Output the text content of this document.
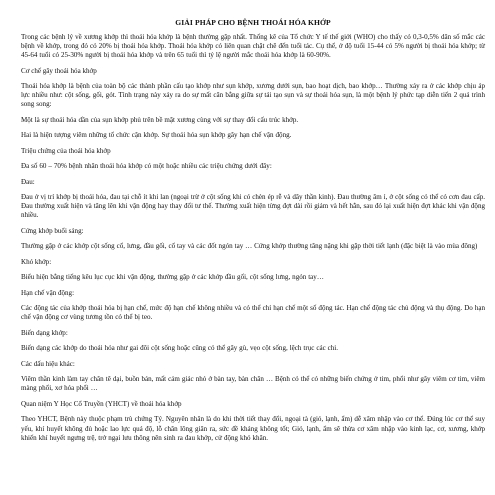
GIẢI PHÁP CHO BỆNH THOÁI HÓA KHỚP
Trong các bệnh lý về xương khớp thì thoái hóa khớp là bệnh thường gặp nhất. Thống kê của Tổ chức Y tế thế giới (WHO) cho thấy có 0,3-0,5% dân số mắc các bệnh về khớp, trong đó có 20% bị thoái hóa khớp. Thoái hóa khớp có liên quan chặt chẽ đến tuổi tác. Cụ thể, ở độ tuổi 15-44 có 5% người bị thoái hóa khớp; từ 45-64 tuổi có 25-30% người bị thoái hóa khớp và trên 65 tuổi thì tỷ lệ người mắc thoái hóa khớp là 60-90%.
Cơ chế gây thoái hóa khớp
Thoái hóa khớp là bệnh của toàn bộ các thành phần cấu tạo khớp như sụn khớp, xương dưới sụn, bao hoạt dịch, bao khớp… Thường xảy ra ở các khớp chịu áp lực nhiều như: cột sống, gối, gót. Tình trạng này xảy ra do sự mất cân bằng giữa sự tái tạo sụn và sự thoái hóa sụn, là một bệnh lý phức tạp diễn tiến 2 quá trình song song:
Một là sự thoái hóa dần của sụn khớp phủ trên bề mặt xương cùng với sự thay đổi cấu trúc khớp.
Hai là hiện tượng viêm những tổ chức cận khớp. Sự thoái hóa sụn khớp gây hạn chế vận động.
Triệu chứng của thoái hóa khớp
Đa số 60 – 70% bệnh nhân thoái hóa khớp có một hoặc nhiều các triệu chứng dưới đây:
Đau:
Đau ở vị trí khớp bị thoái hóa, đau tại chỗ ít khi lan (ngoại trừ ở cột sống khi có chèn ép rễ và dây thần kinh). Đau thường âm ỉ, ở cột sống có thể có cơn đau cấp. Đau thường xuất hiện và tăng lên khi vận động hay thay đổi tư thế. Thường xuất hiện từng đợt dài rồi giảm và hết hẳn, sau đó lại xuất hiện đợt khác khi vận động nhiều.
Cứng khớp buổi sáng:
Thường gặp ở các khớp cột sống cổ, lưng, đầu gối, cổ tay và các đốt ngón tay … Cứng khớp thường tăng nặng khi gặp thời tiết lạnh (đặc biệt là vào mùa đông)
Khó khớp:
Biểu hiện bằng tiếng kêu lục cục khi vận động, thường gặp ở các khớp đầu gối, cột sống lưng, ngón tay…
Hạn chế vận động:
Các động tác của khớp thoái hóa bị hạn chế, mức độ hạn chế không nhiều và có thể chỉ hạn chế một số động tác. Hạn chế động tác chủ động và thụ động. Do hạn chế vận động cơ vùng tương tồn có thể bị teo.
Biến dạng khớp:
Biến dạng các khớp do thoái hóa như gai đôi cột sống hoặc cũng có thể gây gù, vẹo cột sống, lệch trục các chi.
Các dấu hiệu khác:
Viêm thần kinh làm tay chân tê dại, buồn bản, mất cảm giác nhỏ ở bàn tay, bàn chân … Bệnh có thể có những biến chứng ở tim, phổi như gây viêm cơ tim, viêm màng phổi, xơ hóa phổi …
Quan niệm Y Học Cổ Truyền (YHCT) về thoái hóa khớp
Theo YHCT, Bệnh này thuộc phạm trù chứng Tý. Nguyên nhân là do khi thời tiết thay đổi, ngoại tà (gió, lạnh, ẩm) dễ xâm nhập vào cơ thể. Đúng lúc cơ thể suy yếu, khí huyết không đủ hoặc lao lực quá độ, lỗ chân lông giãn ra, sức đề kháng không tốt; Gió, lạnh, ẩm sẽ thừa cơ xâm nhập vào kinh lạc, cơ, xương, khớp khiến khí huyết ngưng trệ, trở ngại lưu thông nên sinh ra đau khớp, cử động khó khăn.
